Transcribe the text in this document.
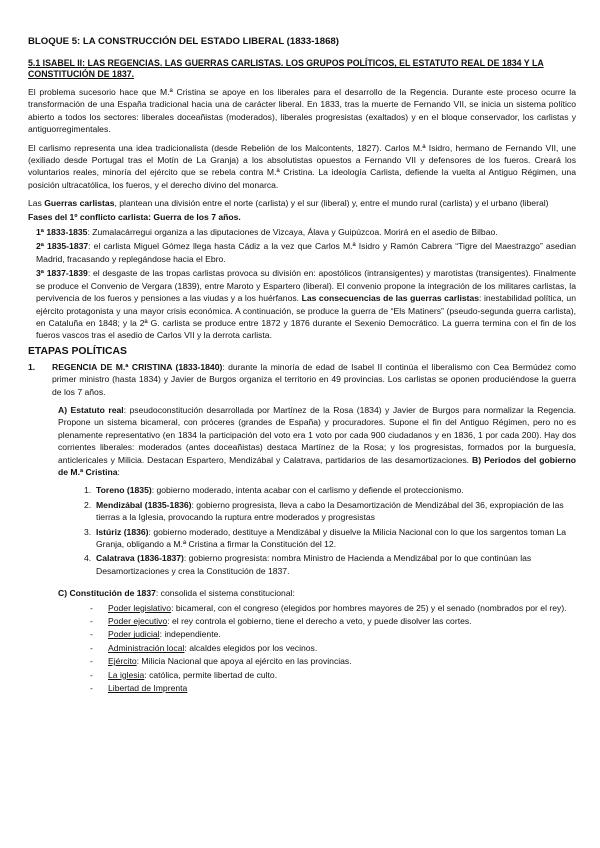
BLOQUE 5: LA CONSTRUCCIÓN DEL ESTADO LIBERAL (1833-1868)
5.1 ISABEL II: LAS REGENCIAS. LAS GUERRAS CARLISTAS. LOS GRUPOS POLÍTICOS, EL ESTATUTO REAL DE 1834 Y LA CONSTITUCIÓN DE 1837.

El problema sucesorio hace que M.ª Cristina se apoye en los liberales para el desarrollo de la Regencia. Durante este proceso ocurre la transformación de una España tradicional hacia una de carácter liberal. En 1833, tras la muerte de Fernando VII, se inicia un sistema político abierto a todos los sectores: liberales doceañistas (moderados), liberales progresistas (exaltados) y en el bloque conservador, los carlistas y antiguorregimentales.

El carlismo representa una idea tradicionalista (desde Rebelión de los Malcontents, 1827). Carlos M.ª Isidro, hermano de Fernando VII, une (exiliado desde Portugal tras el Motín de La Granja) a los absolutistas opuestos a Fernando VII y defensores de los fueros. Creará los voluntarios reales, minoría del ejército que se rebela contra M.ª Cristina. La ideología Carlista, defiende la vuelta al Antiguo Régimen, una posición ultracatólica, los fueros, y el derecho divino del monarca.

Las Guerras carlistas, plantean una división entre el norte (carlista) y el sur (liberal) y, entre el mundo rural (carlista) y el urbano (liberal)

Fases del 1º conflicto carlista: Guerra de los 7 años.

1ª 1833-1835: Zumalacárregui organiza a las diputaciones de Vizcaya, Álava y Guipúzcoa. Morirá en el asedio de Bilbao.

2ª 1835-1837: el carlista Miguel Gómez llega hasta Cádiz a la vez que Carlos M.ª Isidro y Ramón Cabrera “Tigre del Maestrazgo” asedian Madrid, fracasando y replegándose hacia el Ebro.

3ª 1837-1839: el desgaste de las tropas carlistas provoca su división en: apostólicos (intransigentes) y marotistas (transigentes). Finalmente se produce el Convenio de Vergara (1839), entre Maroto y Espartero (liberal). El convenio propone la integración de los militares carlistas, la pervivencia de los fueros y pensiones a las viudas y a los huérfanos. Las consecuencias de las guerras carlistas: inestabilidad política, un ejército protagonista y una mayor crisis económica. A continuación, se produce la guerra de “Els Matiners” (pseudo-segunda guerra carlista), en Cataluña en 1848; y la 2ª G. carlista se produce entre 1872 y 1876 durante el Sexenio Democrático. La guerra termina con el fin de los fueros vascos tras el asedio de Carlos VII y la derrota carlista.

ETAPAS POLÍTICAS
1.	REGENCIA DE M.ª CRISTINA (1833-1840): durante la minoría de edad de Isabel II continúa el liberalismo con Cea Bermúdez como primer ministro (hasta 1834) y Javier de Burgos organiza el territorio en 49 provincias. Los carlistas se oponen produciéndose la guerra de los 7 años.

A) Estatuto real: pseudoconstitución desarrollada por Martínez de la Rosa (1834) y Javier de Burgos para normalizar la Regencia. Propone un sistema bicameral, con próceres (grandes de España) y procuradores. Supone el fin del Antiguo Régimen, pero no es plenamente representativo (en 1834 la participación del voto era 1 voto por cada 900 ciudadanos y en 1836, 1 por cada 200). Hay dos corrientes liberales: moderados (antes doceañistas) destaca Martínez de la Rosa; y los progresistas, formados por la burguesía, anticlericales y Milicia. Destacan Espartero, Mendizábal y Calatrava, partidarios de las desamortizaciones. B) Periodos del gobierno de M.ª Cristina:

1. Toreno (1835): gobierno moderado, intenta acabar con el carlismo y defiende el proteccionismo.
2. Mendizábal (1835-1836): gobierno progresista, lleva a cabo la Desamortización de Mendizábal del 36, expropiación de las tierras a la Iglesia, provocando la ruptura entre moderados y progresistas
3. Istúriz (1836): gobierno moderado, destituye a Mendizábal y disuelve la Milicia Nacional con lo que los sargentos toman La Granja, obligando a M.ª Cristina a firmar la Constitución del 12.
4. Calatrava (1836-1837): gobierno progresista: nombra Ministro de Hacienda a Mendizábal por lo que continúan las Desamortizaciones y crea la Constitución de 1837.
C) Constitución de 1837: consolida el sistema constitucional:
-	Poder legislativo: bicameral, con el congreso (elegidos por hombres mayores de 25) y el senado (nombrados por el rey).
-	Poder ejecutivo: el rey controla el gobierno, tiene el derecho a veto, y puede disolver las cortes.
-	Poder judicial: independiente.
-	Administración local: alcaldes elegidos por los vecinos.
-	Ejército: Milicia Nacional que apoya al ejército en las provincias.
-	La iglesia: católica, permite libertad de culto.
-	Libertad de Imprenta
